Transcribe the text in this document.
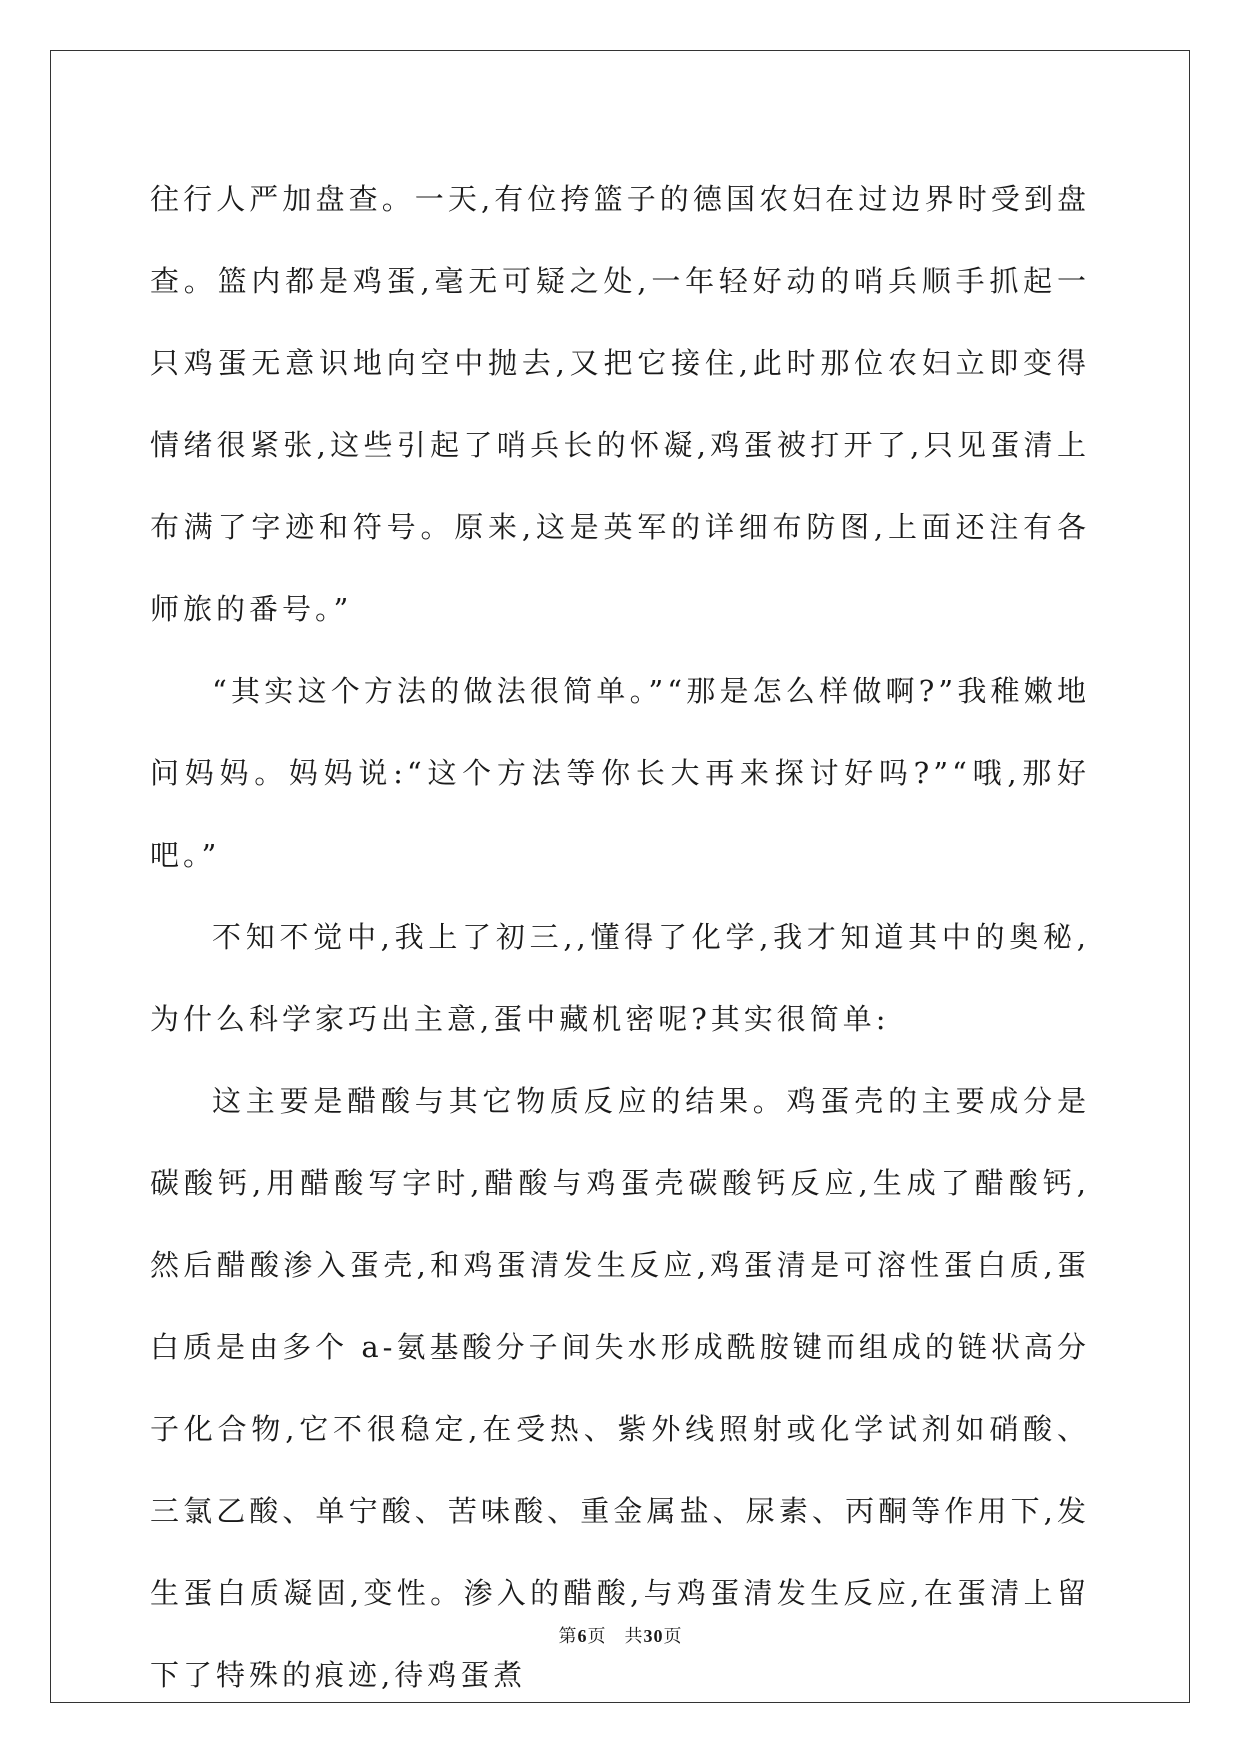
往行人严加盘查。一天,有位挎篮子的德国农妇在过边界时受到盘查。篮内都是鸡蛋,毫无可疑之处,一年轻好动的哨兵顺手抓起一只鸡蛋无意识地向空中抛去,又把它接住,此时那位农妇立即变得情绪很紧张,这些引起了哨兵长的怀凝,鸡蛋被打开了,只见蛋清上布满了字迹和符号。原来,这是英军的详细布防图,上面还注有各师旅的番号。”

“其实这个方法的做法很简单。”“那是怎么样做啊?”我稚嫩地问妈妈。妈妈说:“这个方法等你长大再来探讨好吗?”“哦,那好吧。”

不知不觉中,我上了初三,,懂得了化学,我才知道其中的奥秘,为什么科学家巧出主意,蛋中藏机密呢?其实很简单:

这主要是醋酸与其它物质反应的结果。鸡蛋壳的主要成分是碳酸钙,用醋酸写字时,醋酸与鸡蛋壳碳酸钙反应,生成了醋酸钙,然后醋酸渗入蛋壳,和鸡蛋清发生反应,鸡蛋清是可溶性蛋白质,蛋白质是由多个 a-氨基酸分子间失水形成酰胺键而组成的链状高分子化合物,它不很稳定,在受热、紫外线照射或化学试剂如硝酸、三氯乙酸、单宁酸、苦味酸、重金属盐、尿素、丙酮等作用下,发生蛋白质凝固,变性。渗入的醋酸,与鸡蛋清发生反应,在蛋清上留下了特殊的痕迹,待鸡蛋煮

第6页 共30页
